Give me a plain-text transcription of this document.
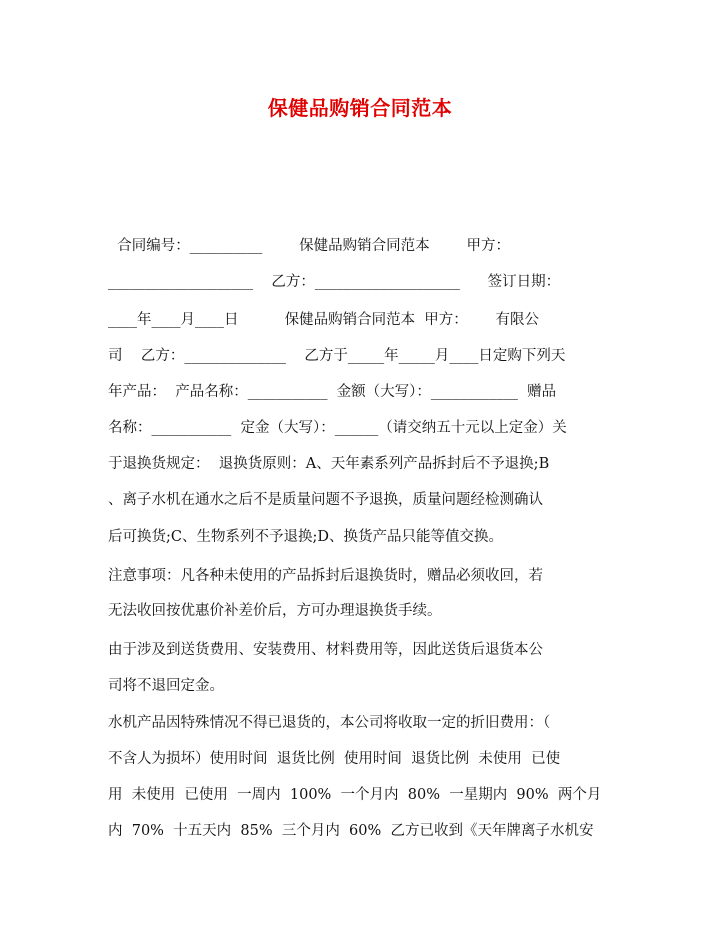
保健品购销合同范本
合同编号：__________        保健品购销合同范本        甲方：
____________________    乙方：____________________      签订日期：
____年____月____日          保健品购销合同范本  甲方：      有限公
司    乙方：______________    乙方于_____年_____月____日定购下列天
年产品：  产品名称：___________  金额（大写）：____________  赠品
名称：___________  定金（大写）：______（请交纳五十元以上定金）关
于退换货规定：  退换货原则：A、天年素系列产品拆封后不予退换;B
、离子水机在通水之后不是质量问题不予退换，质量问题经检测确认
后可换货;C、生物系列不予退换;D、换货产品只能等值交换。
注意事项：凡各种未使用的产品拆封后退换货时，赠品必须收回，若
无法收回按优惠价补差价后，方可办理退换货手续。
由于涉及到送货费用、安装费用、材料费用等，因此送货后退货本公
司将不退回定金。
水机产品因特殊情况不得已退货的，本公司将收取一定的折旧费用：（
不含人为损坏）使用时间  退货比例  使用时间  退货比例  未使用  已使
用  未使用  已使用  一周内  100%  一个月内  80%  一星期内  90%  两个月
内  70%  十五天内  85%  三个月内  60%  乙方已收到《天年牌离子水机安
